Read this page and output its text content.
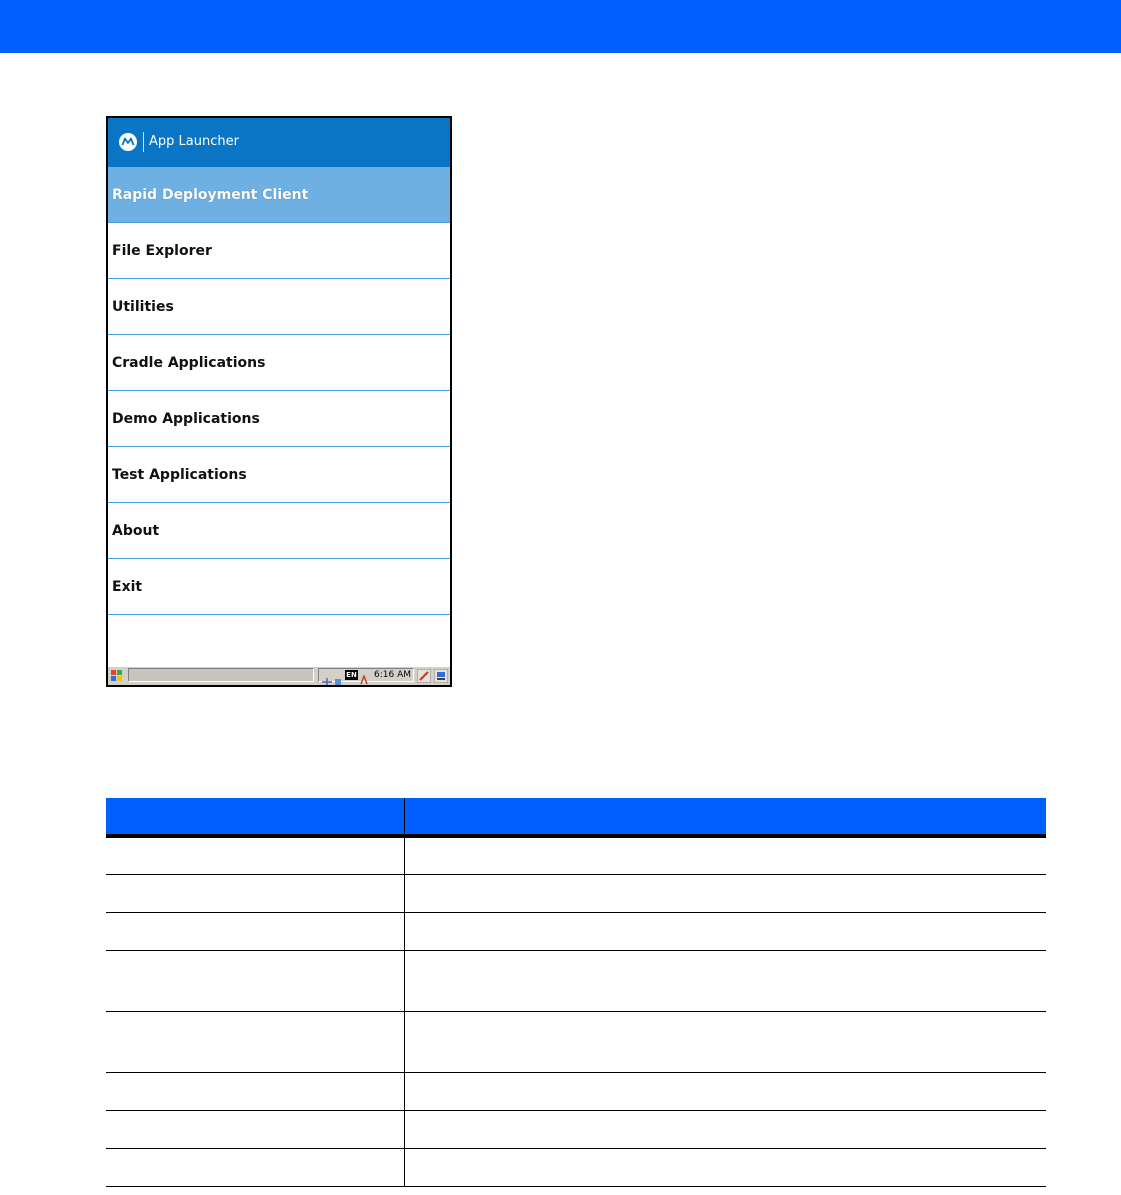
App Launcher
Rapid Deployment Client
File Explorer
Utilities
Cradle Applications
Demo Applications
Test Applications
About
Exit
EN 6:16 AM
